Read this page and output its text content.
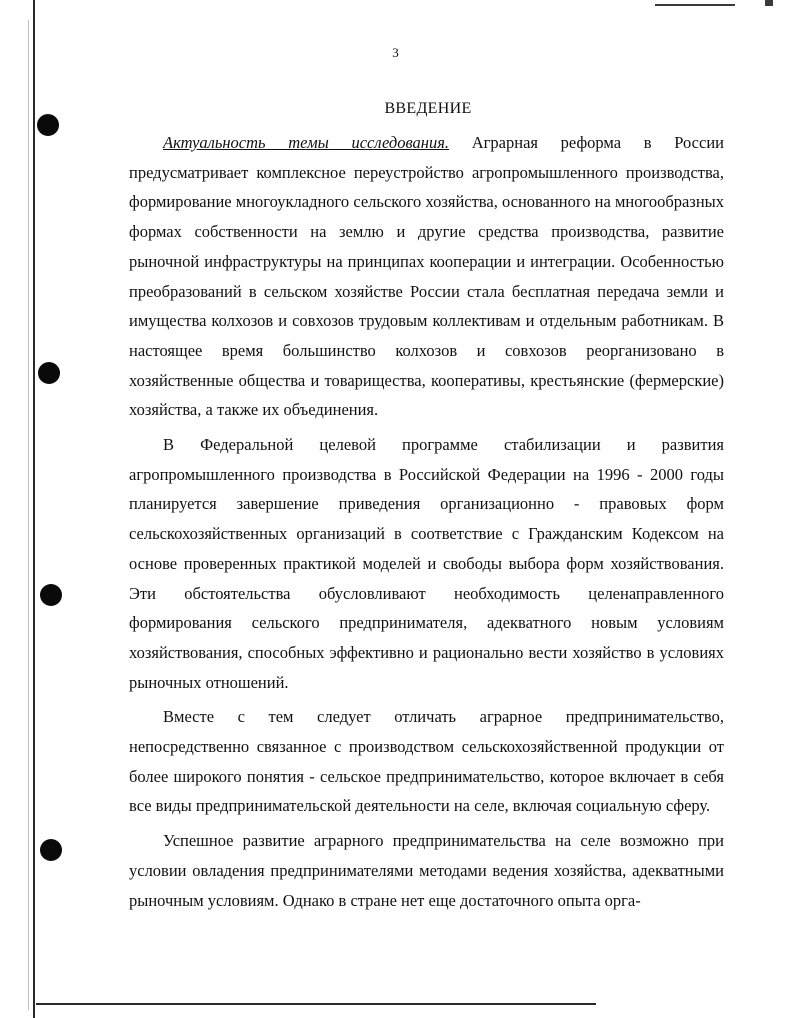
3
ВВЕДЕНИЕ

Актуальность темы исследования. Аграрная реформа в России предусматривает комплексное переустройство агропромышленного производства, формирование многоукладного сельского хозяйства, основанного на многообразных формах собственности на землю и другие средства производства, развитие рыночной инфраструктуры на принципах кооперации и интеграции. Особенностью преобразований в сельском хозяйстве России стала бесплатная передача земли и имущества колхозов и совхозов трудовым коллективам и отдельным работникам. В настоящее время большинство колхозов и совхозов реорганизовано в хозяйственные общества и товарищества, кооперативы, крестьянские (фермерские) хозяйства, а также их объединения.

В Федеральной целевой программе стабилизации и развития агропромышленного производства в Российской Федерации на 1996 - 2000 годы планируется завершение приведения организационно - правовых форм сельскохозяйственных организаций в соответствие с Гражданским Кодексом на основе проверенных практикой моделей и свободы выбора форм хозяйствования. Эти обстоятельства обусловливают необходимость целенаправленного формирования сельского предпринимателя, адекватного новым условиям хозяйствования, способных эффективно и рационально вести хозяйство в условиях рыночных отношений.

Вместе с тем следует отличать аграрное предпринимательство, непосредственно связанное с производством сельскохозяйственной продукции от более широкого понятия - сельское предпринимательство, которое включает в себя все виды предпринимательской деятельности на селе, включая социальную сферу.

Успешное развитие аграрного предпринимательства на селе возможно при условии овладения предпринимателями методами ведения хозяйства, адекватными рыночным условиям. Однако в стране нет еще достаточного опыта орга-
